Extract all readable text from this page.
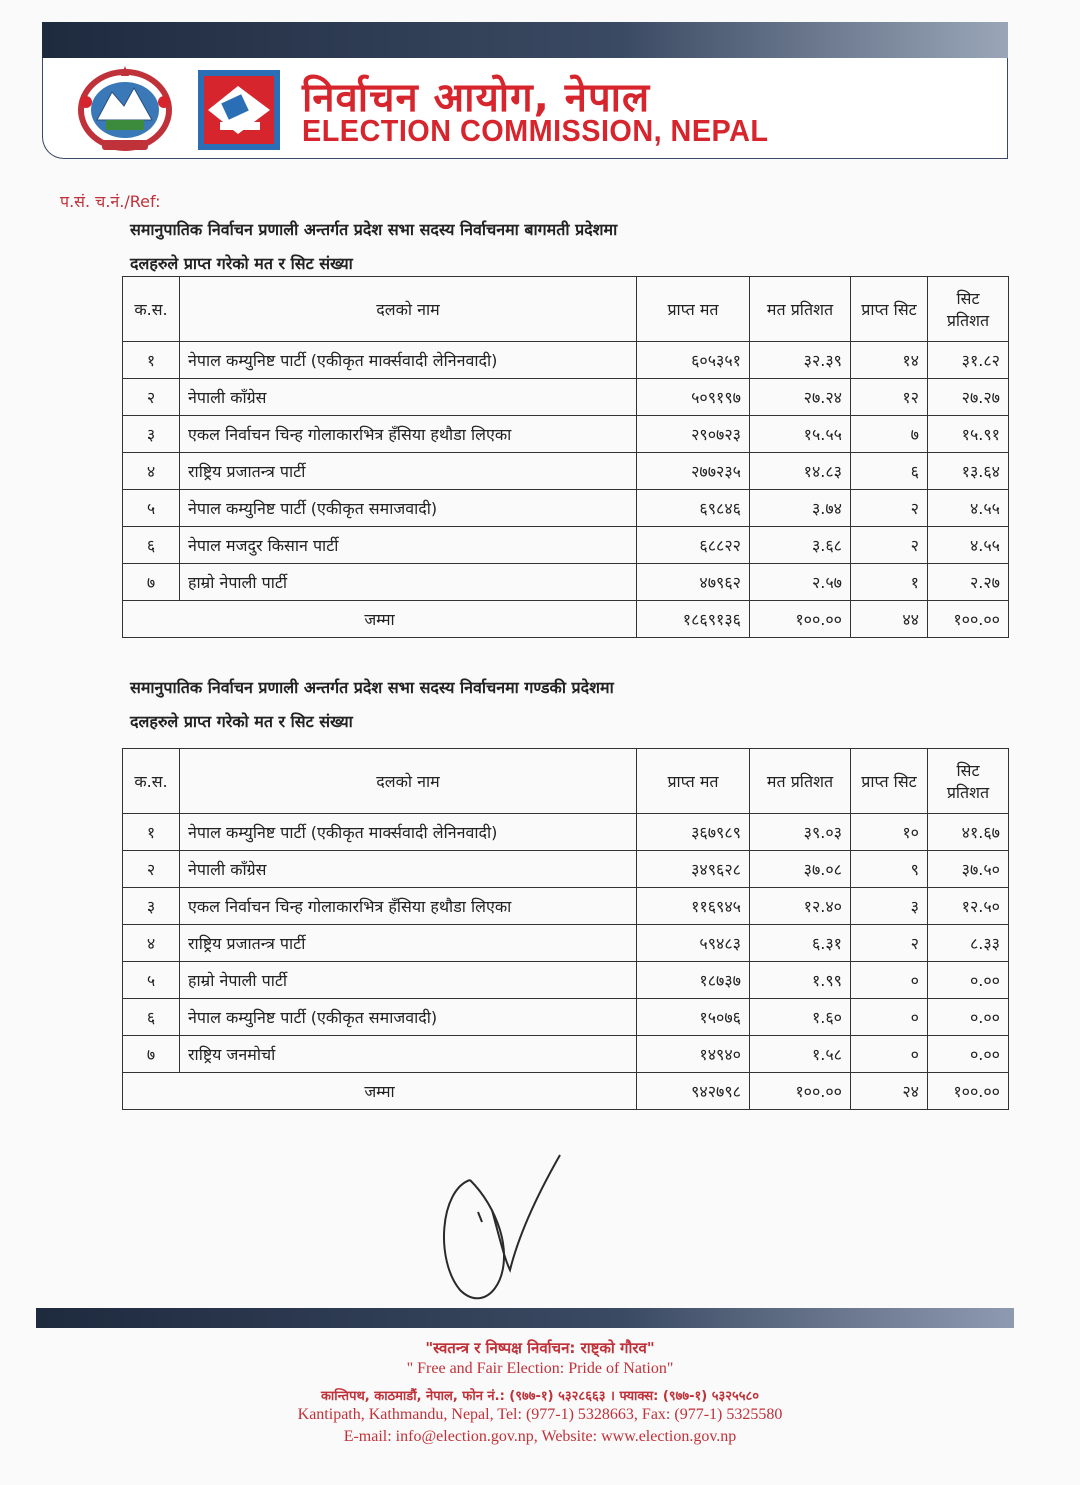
निर्वाचन आयोग, नेपाल
ELECTION COMMISSION, NEPAL
प.सं. च.नं./Ref:
समानुपातिक निर्वाचन प्रणाली अन्तर्गत प्रदेश सभा सदस्य निर्वाचनमा बागमती प्रदेशमा
दलहरुले प्राप्त गरेको मत र सिट संख्या
क.स.	दलको नाम	प्राप्त मत	मत प्रतिशत	प्राप्त सिट	सिट
प्रतिशत
१	नेपाल कम्युनिष्ट पार्टी (एकीकृत मार्क्सवादी लेनिनवादी)	६०५३५१	३२.३९	१४	३१.८२
२	नेपाली काँग्रेस	५०९१९७	२७.२४	१२	२७.२७
३	एकल निर्वाचन चिन्ह गोलाकारभित्र हँसिया हथौडा लिएका	२९०७२३	१५.५५	७	१५.९१
४	राष्ट्रिय प्रजातन्त्र पार्टी	२७७२३५	१४.८३	६	१३.६४
५	नेपाल कम्युनिष्ट पार्टी (एकीकृत समाजवादी)	६९८४६	३.७४	२	४.५५
६	नेपाल मजदुर किसान पार्टी	६८८२२	३.६८	२	४.५५
७	हाम्रो नेपाली पार्टी	४७९६२	२.५७	१	२.२७
जम्मा		१८६९१३६	१००.००	४४	१००.००
समानुपातिक निर्वाचन प्रणाली अन्तर्गत प्रदेश सभा सदस्य निर्वाचनमा गण्डकी प्रदेशमा
दलहरुले प्राप्त गरेको मत र सिट संख्या
क.स.	दलको नाम	प्राप्त मत	मत प्रतिशत	प्राप्त सिट	सिट
प्रतिशत
१	नेपाल कम्युनिष्ट पार्टी (एकीकृत मार्क्सवादी लेनिनवादी)	३६७९८९	३९.०३	१०	४१.६७
२	नेपाली काँग्रेस	३४९६२८	३७.०८	९	३७.५०
३	एकल निर्वाचन चिन्ह गोलाकारभित्र हँसिया हथौडा लिएका	११६९४५	१२.४०	३	१२.५०
४	राष्ट्रिय प्रजातन्त्र पार्टी	५९४८३	६.३१	२	८.३३
५	हाम्रो नेपाली पार्टी	१८७३७	१.९९	०	०.००
६	नेपाल कम्युनिष्ट पार्टी (एकीकृत समाजवादी)	१५०७६	१.६०	०	०.००
७	राष्ट्रिय जनमोर्चा	१४९४०	१.५८	०	०.००
जम्मा		९४२७९८	१००.००	२४	१००.००
"स्वतन्त्र र निष्पक्ष निर्वाचन: राष्ट्को गौरव"
" Free and Fair Election: Pride of Nation"
कान्तिपथ, काठमाडौं, नेपाल, फोन नं.: (९७७-१) ५३२८६६३ । फ्याक्स: (९७७-१) ५३२५५८०
Kantipath, Kathmandu, Nepal, Tel: (977-1) 5328663, Fax: (977-1) 5325580
E-mail: info@election.gov.np, Website: www.election.gov.np
